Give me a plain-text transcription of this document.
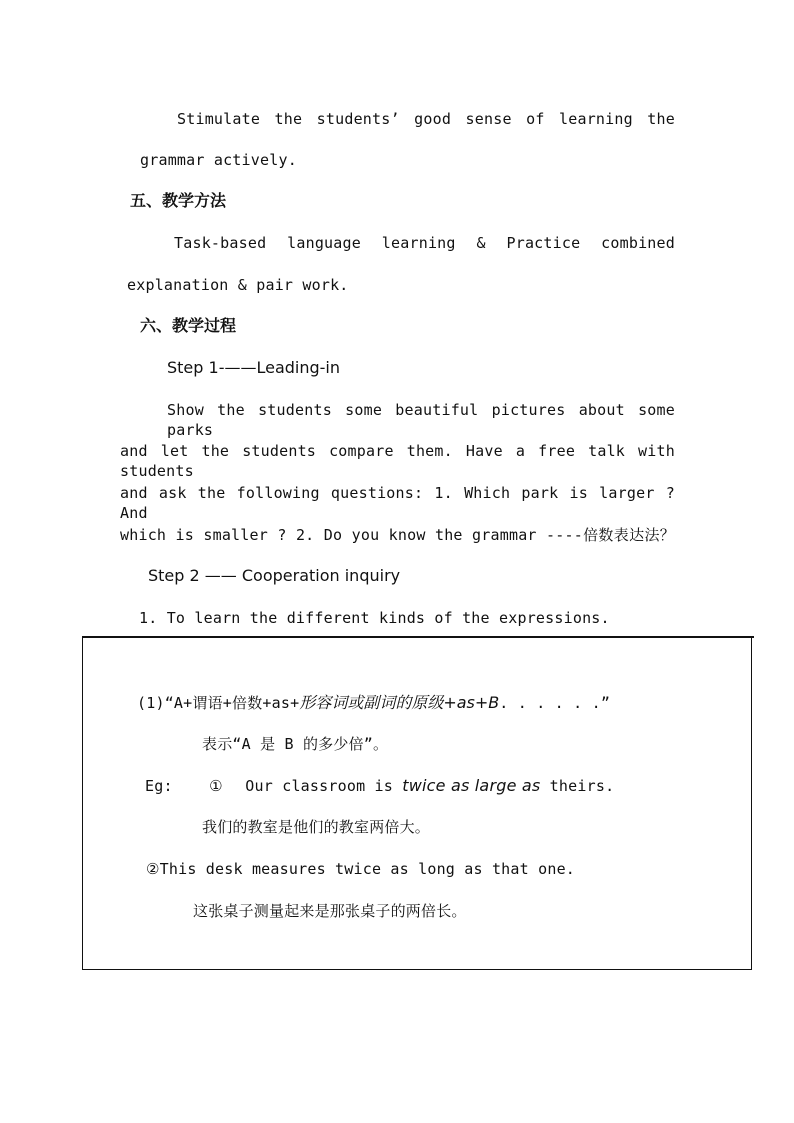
Stimulate the students’ good sense of learning the
grammar actively.
五、教学方法
Task-based language learning & Practice combined
explanation & pair work.
六、教学过程
Step 1-——Leading-in
Show the students some beautiful pictures about some parks
and let the students compare them. Have a free talk with students
and ask the following questions: 1. Which park is larger ?And
which is smaller ? 2. Do you know the grammar ----倍数表达法？
Step 2 —— Cooperation inquiry
1. To learn the different kinds of the expressions.
(1)“A+谓语+倍数+as+形容词或副词的原级+as+B. . . . . .”
表示“A 是 B 的多少倍”。
Eg: ① Our classroom is twice as large as theirs.
我们的教室是他们的教室两倍大。
②This desk measures twice as long as that one.
这张桌子测量起来是那张桌子的两倍长。
